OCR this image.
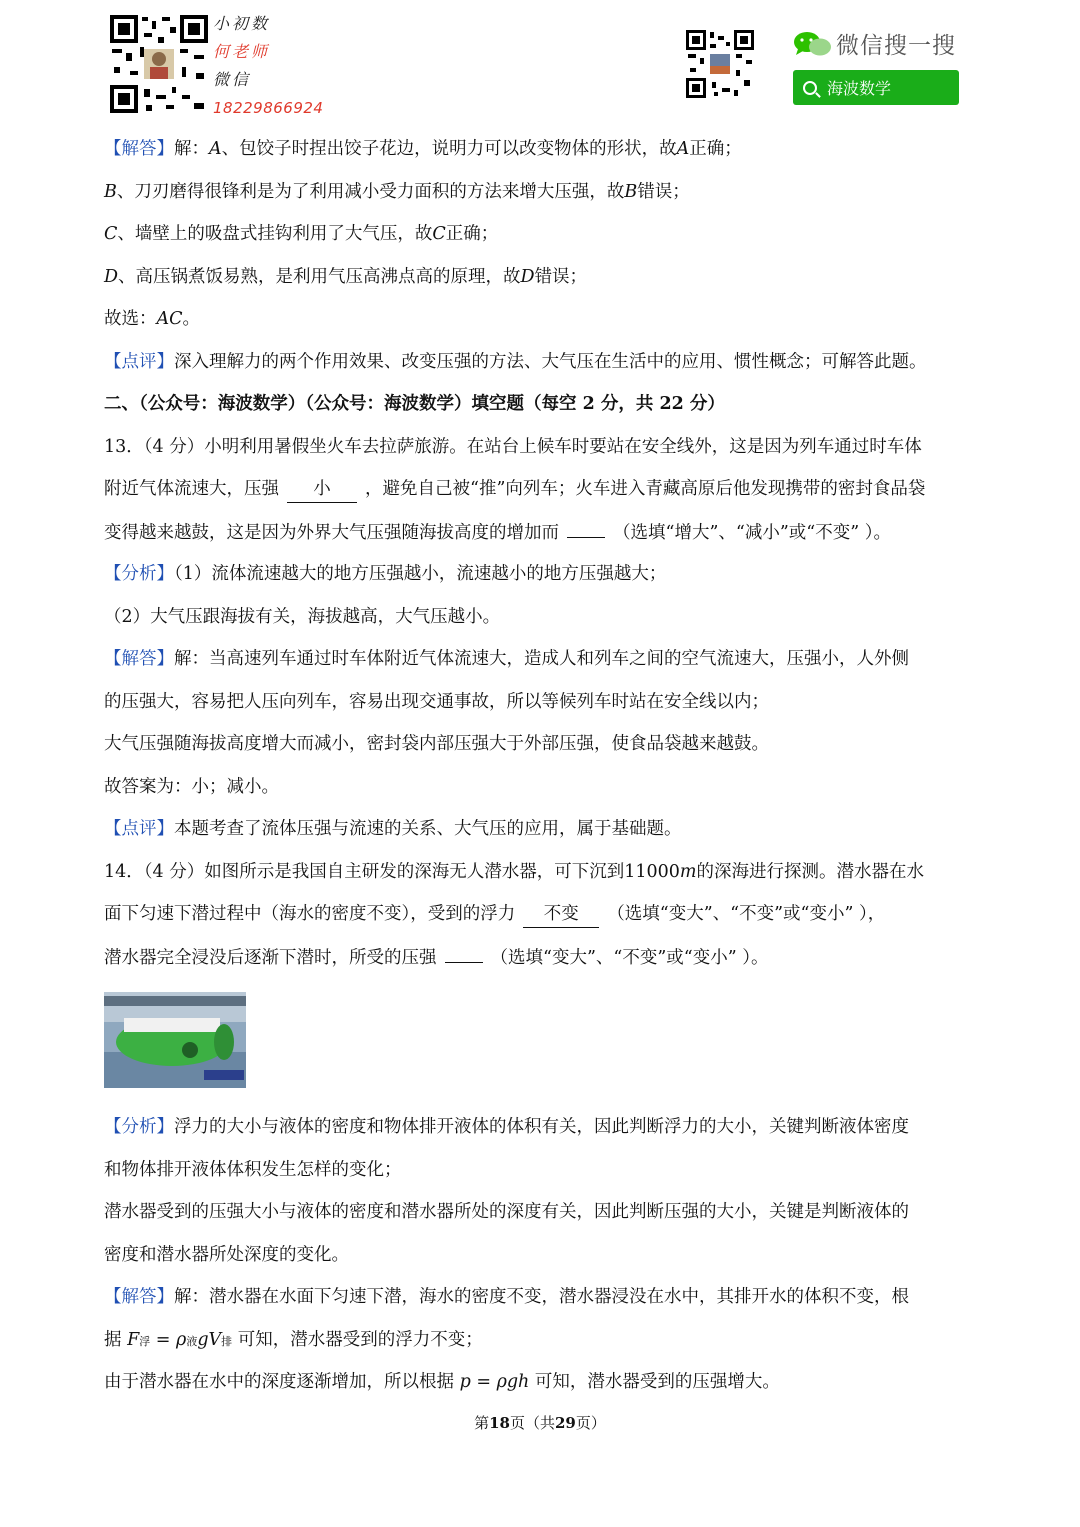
小初数
何老师
微信
18229866924
微信搜一搜
海波数学
【解答】解：A、包饺子时捏出饺子花边，说明力可以改变物体的形状，故A正确；
B、刀刃磨得很锋利是为了利用减小受力面积的方法来增大压强，故B错误；
C、墙壁上的吸盘式挂钩利用了大气压，故C正确；
D、高压锅煮饭易熟，是利用气压高沸点高的原理，故D错误；
故选：AC。
【点评】深入理解力的两个作用效果、改变压强的方法、大气压在生活中的应用、惯性概念；可解答此题。
二、（公众号：海波数学）（公众号：海波数学）填空题（每空 2 分，共 22 分）
13．（4 分）小明利用暑假坐火车去拉萨旅游。在站台上候车时要站在安全线外，这是因为列车通过时车体
附近气体流速大，压强 小 ，避免自己被“推”向列车；火车进入青藏高原后他发现携带的密封食品袋
变得越来越鼓，这是因为外界大气压强随海拔高度的增加而	（选填“增大”、“减小”或“不变” ）。
【分析】（1）流体流速越大的地方压强越小，流速越小的地方压强越大；
（2）大气压跟海拔有关，海拔越高，大气压越小。
【解答】解：当高速列车通过时车体附近气体流速大，造成人和列车之间的空气流速大，压强小，人外侧
的压强大，容易把人压向列车，容易出现交通事故，所以等候列车时站在安全线以内；
大气压强随海拔高度增大而减小，密封袋内部压强大于外部压强，使食品袋越来越鼓。
故答案为：小；减小。
【点评】本题考查了流体压强与流速的关系、大气压的应用，属于基础题。
14．（4 分）如图所示是我国自主研发的深海无人潜水器，可下沉到11000m的深海进行探测。潜水器在水
面下匀速下潜过程中（海水的密度不变），受到的浮力 不变 （选填“变大”、“不变”或“变小” ），
潜水器完全浸没后逐渐下潜时，所受的压强	（选填“变大”、“不变”或“变小” ）。
【分析】浮力的大小与液体的密度和物体排开液体的体积有关，因此判断浮力的大小，关键判断液体密度
和物体排开液体体积发生怎样的变化；
潜水器受到的压强大小与液体的密度和潜水器所处的深度有关，因此判断压强的大小，关键是判断液体的
密度和潜水器所处深度的变化。
【解答】解：潜水器在水面下匀速下潜，海水的密度不变，潜水器浸没在水中，其排开水的体积不变，根
据 F浮 = ρ液gV排 可知，潜水器受到的浮力不变；
由于潜水器在水中的深度逐渐增加，所以根据 p = ρgh 可知，潜水器受到的压强增大。
第18页（共29页）
